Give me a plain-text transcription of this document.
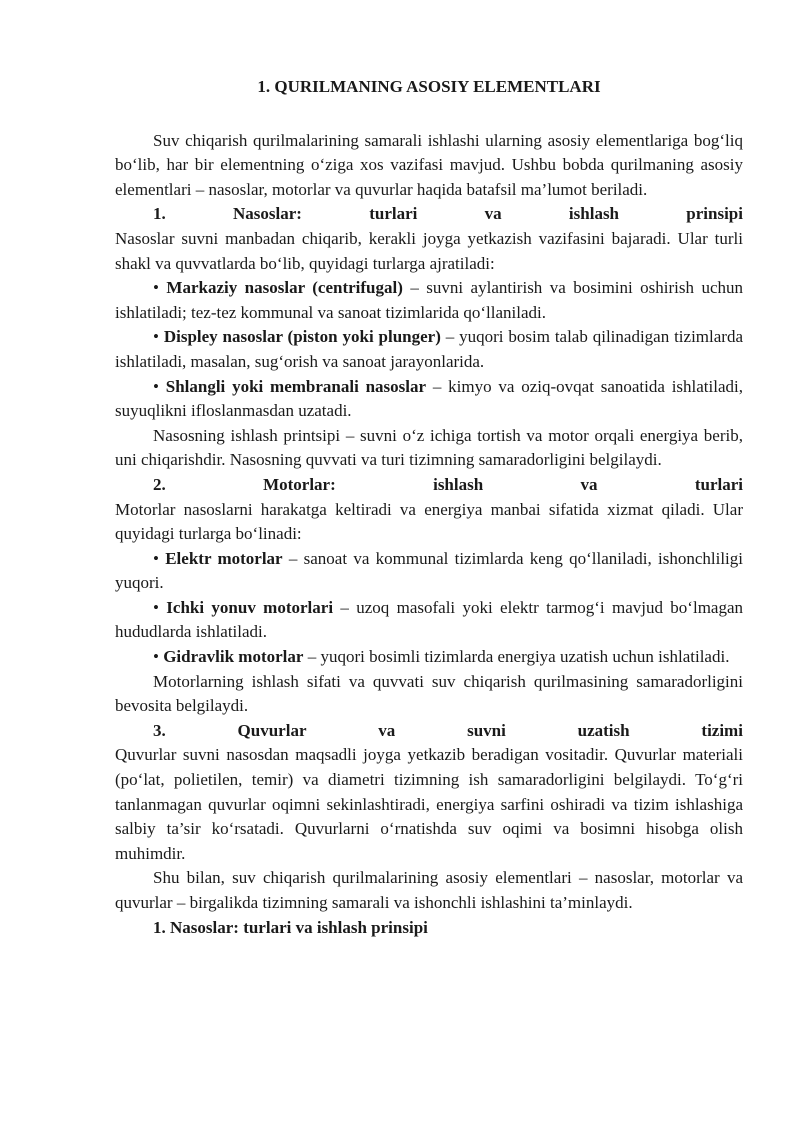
1. QURILMANING ASOSIY ELEMENTLARI

Suv chiqarish qurilmalarining samarali ishlashi ularning asosiy elementlariga bog‘liq bo‘lib, har bir elementning o‘ziga xos vazifasi mavjud. Ushbu bobda qurilmaning asosiy elementlari – nasoslar, motorlar va quvurlar haqida batafsil ma’lumot beriladi.

1.	Nasoslar:	turlari	va	ishlash	prinsipi

Nasoslar suvni manbadan chiqarib, kerakli joyga yetkazish vazifasini bajaradi. Ular turli shakl va quvvatlarda bo‘lib, quyidagi turlarga ajratiladi:

• Markaziy nasoslar (centrifugal) – suvni aylantirish va bosimini oshirish uchun ishlatiladi; tez-tez kommunal va sanoat tizimlarida qo‘llaniladi.

• Displey nasoslar (piston yoki plunger) – yuqori bosim talab qilinadigan tizimlarda ishlatiladi, masalan, sug‘orish va sanoat jarayonlarida.

• Shlangli yoki membranali nasoslar – kimyo va oziq-ovqat sanoatida ishlatiladi, suyuqlikni ifloslanmasdan uzatadi.

Nasosning ishlash printsipi – suvni o‘z ichiga tortish va motor orqali energiya berib, uni chiqarishdir. Nasosning quvvati va turi tizimning samaradorligini belgilaydi.

2.	Motorlar:	ishlash	va	turlari

Motorlar nasoslarni harakatga keltiradi va energiya manbai sifatida xizmat qiladi. Ular quyidagi turlarga bo‘linadi:

• Elektr motorlar – sanoat va kommunal tizimlarda keng qo‘llaniladi, ishonchliligi yuqori.

• Ichki yonuv motorlari – uzoq masofali yoki elektr tarmog‘i mavjud bo‘lmagan hududlarda ishlatiladi.

• Gidravlik motorlar – yuqori bosimli tizimlarda energiya uzatish uchun ishlatiladi.

Motorlarning ishlash sifati va quvvati suv chiqarish qurilmasining samaradorligini bevosita belgilaydi.

3.	Quvurlar	va	suvni	uzatish	tizimi

Quvurlar suvni nasosdan maqsadli joyga yetkazib beradigan vositadir. Quvurlar materiali (po‘lat, polietilen, temir) va diametri tizimning ish samaradorligini belgilaydi. To‘g‘ri tanlanmagan quvurlar oqimni sekinlashtiradi, energiya sarfini oshiradi va tizim ishlashiga salbiy ta’sir ko‘rsatadi. Quvurlarni o‘rnatishda suv oqimi va bosimni hisobga olish muhimdir.

Shu bilan, suv chiqarish qurilmalarining asosiy elementlari – nasoslar, motorlar va quvurlar – birgalikda tizimning samarali va ishonchli ishlashini ta’minlaydi.

1. Nasoslar: turlari va ishlash prinsipi
